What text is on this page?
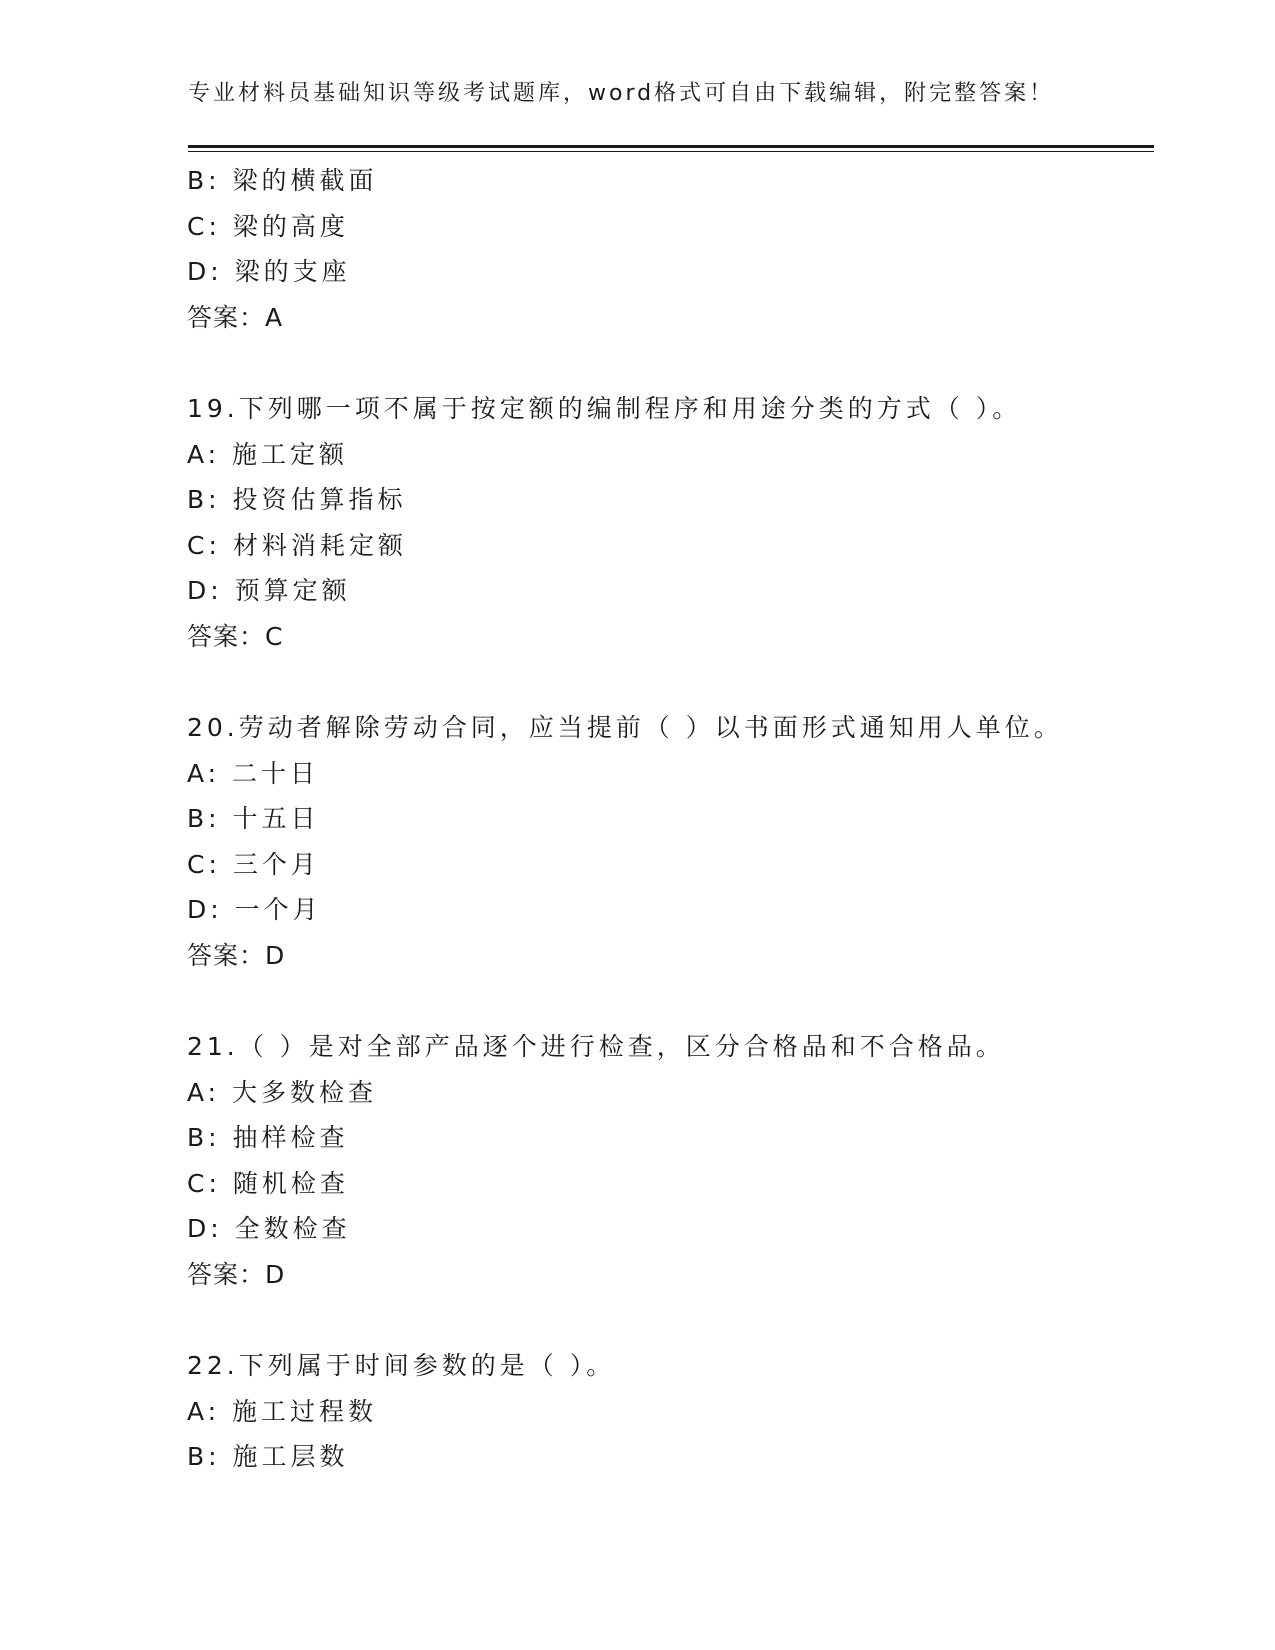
专业材料员基础知识等级考试题库，word格式可自由下载编辑，附完整答案！
B: 梁的横截面
C: 梁的高度
D: 梁的支座
答案：A
19.下列哪一项不属于按定额的编制程序和用途分类的方式（ ）。
A: 施工定额
B: 投资估算指标
C: 材料消耗定额
D: 预算定额
答案：C
20.劳动者解除劳动合同，应当提前（ ）以书面形式通知用人单位。
A: 二十日
B: 十五日
C: 三个月
D: 一个月
答案：D
21.（ ）是对全部产品逐个进行检查，区分合格品和不合格品。
A: 大多数检查
B: 抽样检查
C: 随机检查
D: 全数检查
答案：D
22.下列属于时间参数的是（ ）。
A: 施工过程数
B: 施工层数
